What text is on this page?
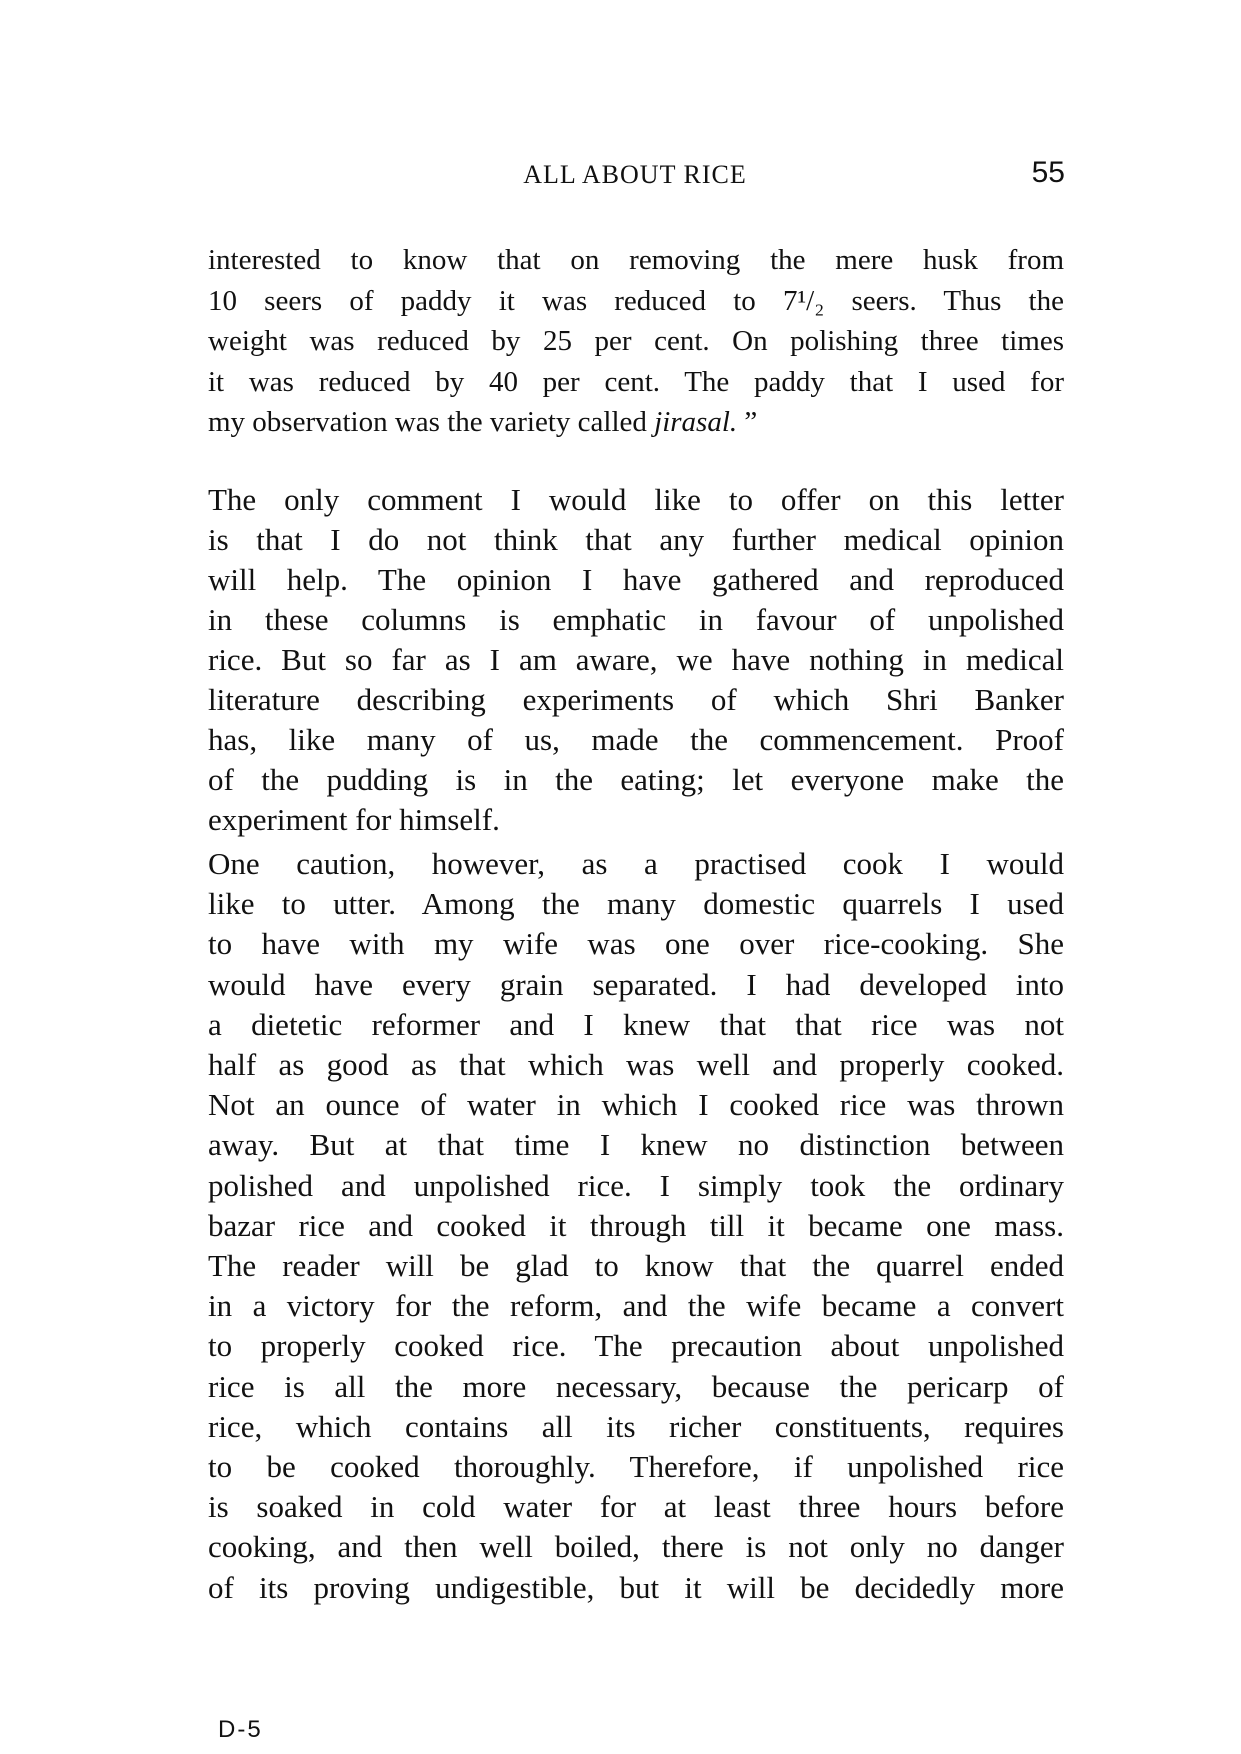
ALL ABOUT RICE	55
interested to know that on removing the mere husk from
10 seers of paddy it was reduced to 7¹/₂ seers. Thus the
weight was reduced by 25 per cent. On polishing three times
it was reduced by 40 per cent. The paddy that I used for
my observation was the variety called jirasal. ”
The only comment I would like to offer on this letter
is that I do not think that any further medical opinion
will help. The opinion I have gathered and reproduced
in these columns is emphatic in favour of unpolished
rice. But so far as I am aware, we have nothing in medical
literature describing experiments of which Shri Banker
has, like many of us, made the commencement. Proof
of the pudding is in the eating; let everyone make the
experiment for himself.
One caution, however, as a practised cook I would
like to utter. Among the many domestic quarrels I used
to have with my wife was one over rice-cooking. She
would have every grain separated. I had developed into
a dietetic reformer and I knew that that rice was not
half as good as that which was well and properly cooked.
Not an ounce of water in which I cooked rice was thrown
away. But at that time I knew no distinction between
polished and unpolished rice. I simply took the ordinary
bazar rice and cooked it through till it became one mass.
The reader will be glad to know that the quarrel ended
in a victory for the reform, and the wife became a convert
to properly cooked rice. The precaution about unpolished
rice is all the more necessary, because the pericarp of
rice, which contains all its richer constituents, requires
to be cooked thoroughly. Therefore, if unpolished rice
is soaked in cold water for at least three hours before
cooking, and then well boiled, there is not only no danger
of its proving undigestible, but it will be decidedly more
D-5
